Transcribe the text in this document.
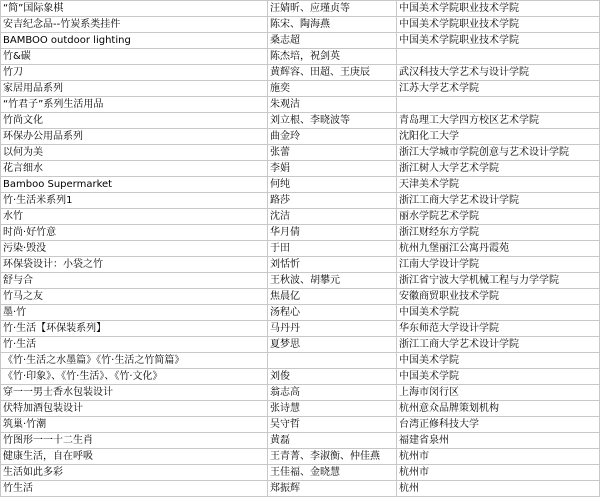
“简”国际象棋	汪婧昕、应瑾贞等	中国美术学院职业技术学院
安吉纪念品--竹炭系类挂件	陈宋、陶海燕	中国美术学院职业技术学院
BAMBOO outdoor lighting	桑志超	中国美术学院职业技术学院
竹&碳	陈杰培，祝剑英	
竹刀	黄辉容、田超、王庚辰	武汉科技大学艺术与设计学院
家居用品系列	施奕	江苏大学艺术学院
“竹君子”系列生活用品	朱观洁	
竹尚文化	刘立根、李晓波等	青岛理工大学四方校区艺术学院
环保办公用品系列	曲金玲	沈阳化工大学
以何为美	张蕾	浙江大学城市学院创意与艺术设计学院
花言细水	李娟	浙江树人大学艺术学院
Bamboo Supermarket	何纯	天津美术学院
竹·生活米系列1	路莎	浙江工商大学艺术设计学院
水竹	沈洁	丽水学院艺术学院
时尚·好竹意	华月倩	浙江财经东方学院
污染·毁没	于田	杭州九堡丽江公寓丹霞苑
环保袋设计：小袋之竹	刘恬忻	江南大学设计学院
舒与合	王秋波、胡攀元	浙江省宁波大学机械工程与力学学院
竹马之友	焦晨亿	安徽商贸职业技术学院
墨·竹	汤程心	中国美术学院
竹·生活【环保装系列】	马丹丹	华东师范大学设计学院
竹·生活	夏梦思	浙江工商大学艺术设计学院
《竹·生活之水墨篇》《竹·生活之竹简篇》		中国美术学院
《竹·印象》、《竹·生活》、《竹·文化》	刘俊	中国美术学院
穿一一男士香水包装设计	翁志高	上海市闵行区
伏特加酒包装设计	张诗慧	杭州意众品牌策划机构
筑巢·竹潮	吴守哲	台湾正修科技大学
竹图形一一十二生肖	黄磊	福建省泉州
健康生活，自在呼吸	王青菁、李淑衡、仲佳燕	杭州市
生活如此多彩	王佳福、金晓慧	杭州市
竹生活	郑振辉	杭州
